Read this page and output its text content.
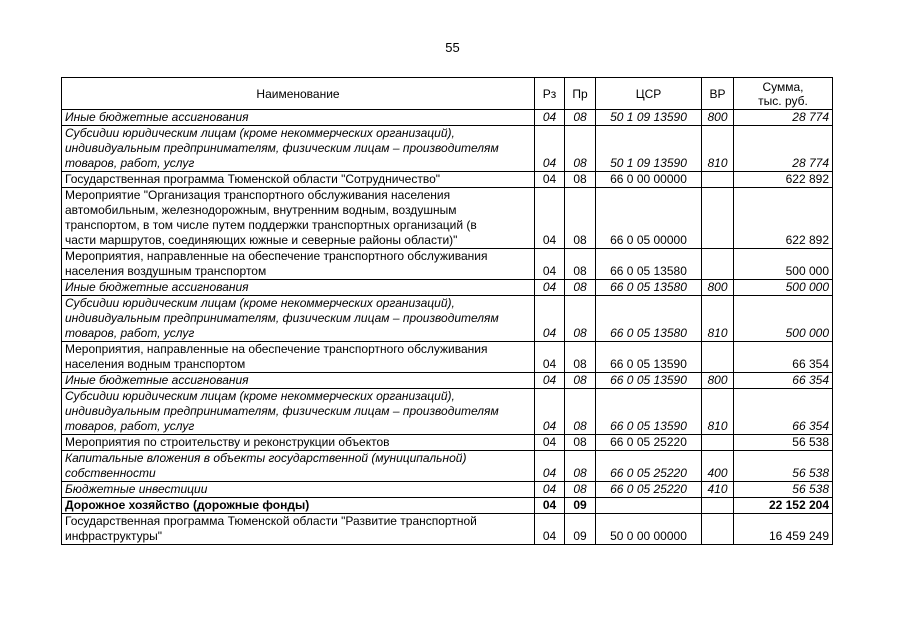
55
Наименование	Рз	Пр	ЦСР	ВР	Сумма,
тыс. руб.

Иные бюджетные ассигнования	04	08	50 1 09 13590	800	28 774

Субсидии юридическим лицам (кроме некоммерческих организаций),
индивидуальным предпринимателям, физическим лицам – производителям
товаров, работ, услуг	04	08	50 1 09 13590	810	28 774

Государственная программа Тюменской области "Сотрудничество"	04	08	66 0 00 00000		622 892

Мероприятие "Организация транспортного обслуживания населения
автомобильным, железнодорожным, внутренним водным, воздушным
транспортом, в том числе путем поддержки транспортных организаций (в
части маршрутов, соединяющих южные и северные районы области)"	04	08	66 0 05 00000		622 892

Мероприятия, направленные на обеспечение транспортного обслуживания
населения воздушным транспортом	04	08	66 0 05 13580		500 000

Иные бюджетные ассигнования	04	08	66 0 05 13580	800	500 000

Субсидии юридическим лицам (кроме некоммерческих организаций),
индивидуальным предпринимателям, физическим лицам – производителям
товаров, работ, услуг	04	08	66 0 05 13580	810	500 000

Мероприятия, направленные на обеспечение транспортного обслуживания
населения водным транспортом	04	08	66 0 05 13590		66 354

Иные бюджетные ассигнования	04	08	66 0 05 13590	800	66 354

Субсидии юридическим лицам (кроме некоммерческих организаций),
индивидуальным предпринимателям, физическим лицам – производителям
товаров, работ, услуг	04	08	66 0 05 13590	810	66 354

Мероприятия по строительству и реконструкции объектов	04	08	66 0 05 25220		56 538

Капитальные вложения в объекты государственной (муниципальной)
собственности	04	08	66 0 05 25220	400	56 538

Бюджетные инвестиции	04	08	66 0 05 25220	410	56 538

Дорожное хозяйство (дорожные фонды)	04	09			22 152 204

Государственная программа Тюменской области "Развитие транспортной
инфраструктуры"	04	09	50 0 00 00000		16 459 249
